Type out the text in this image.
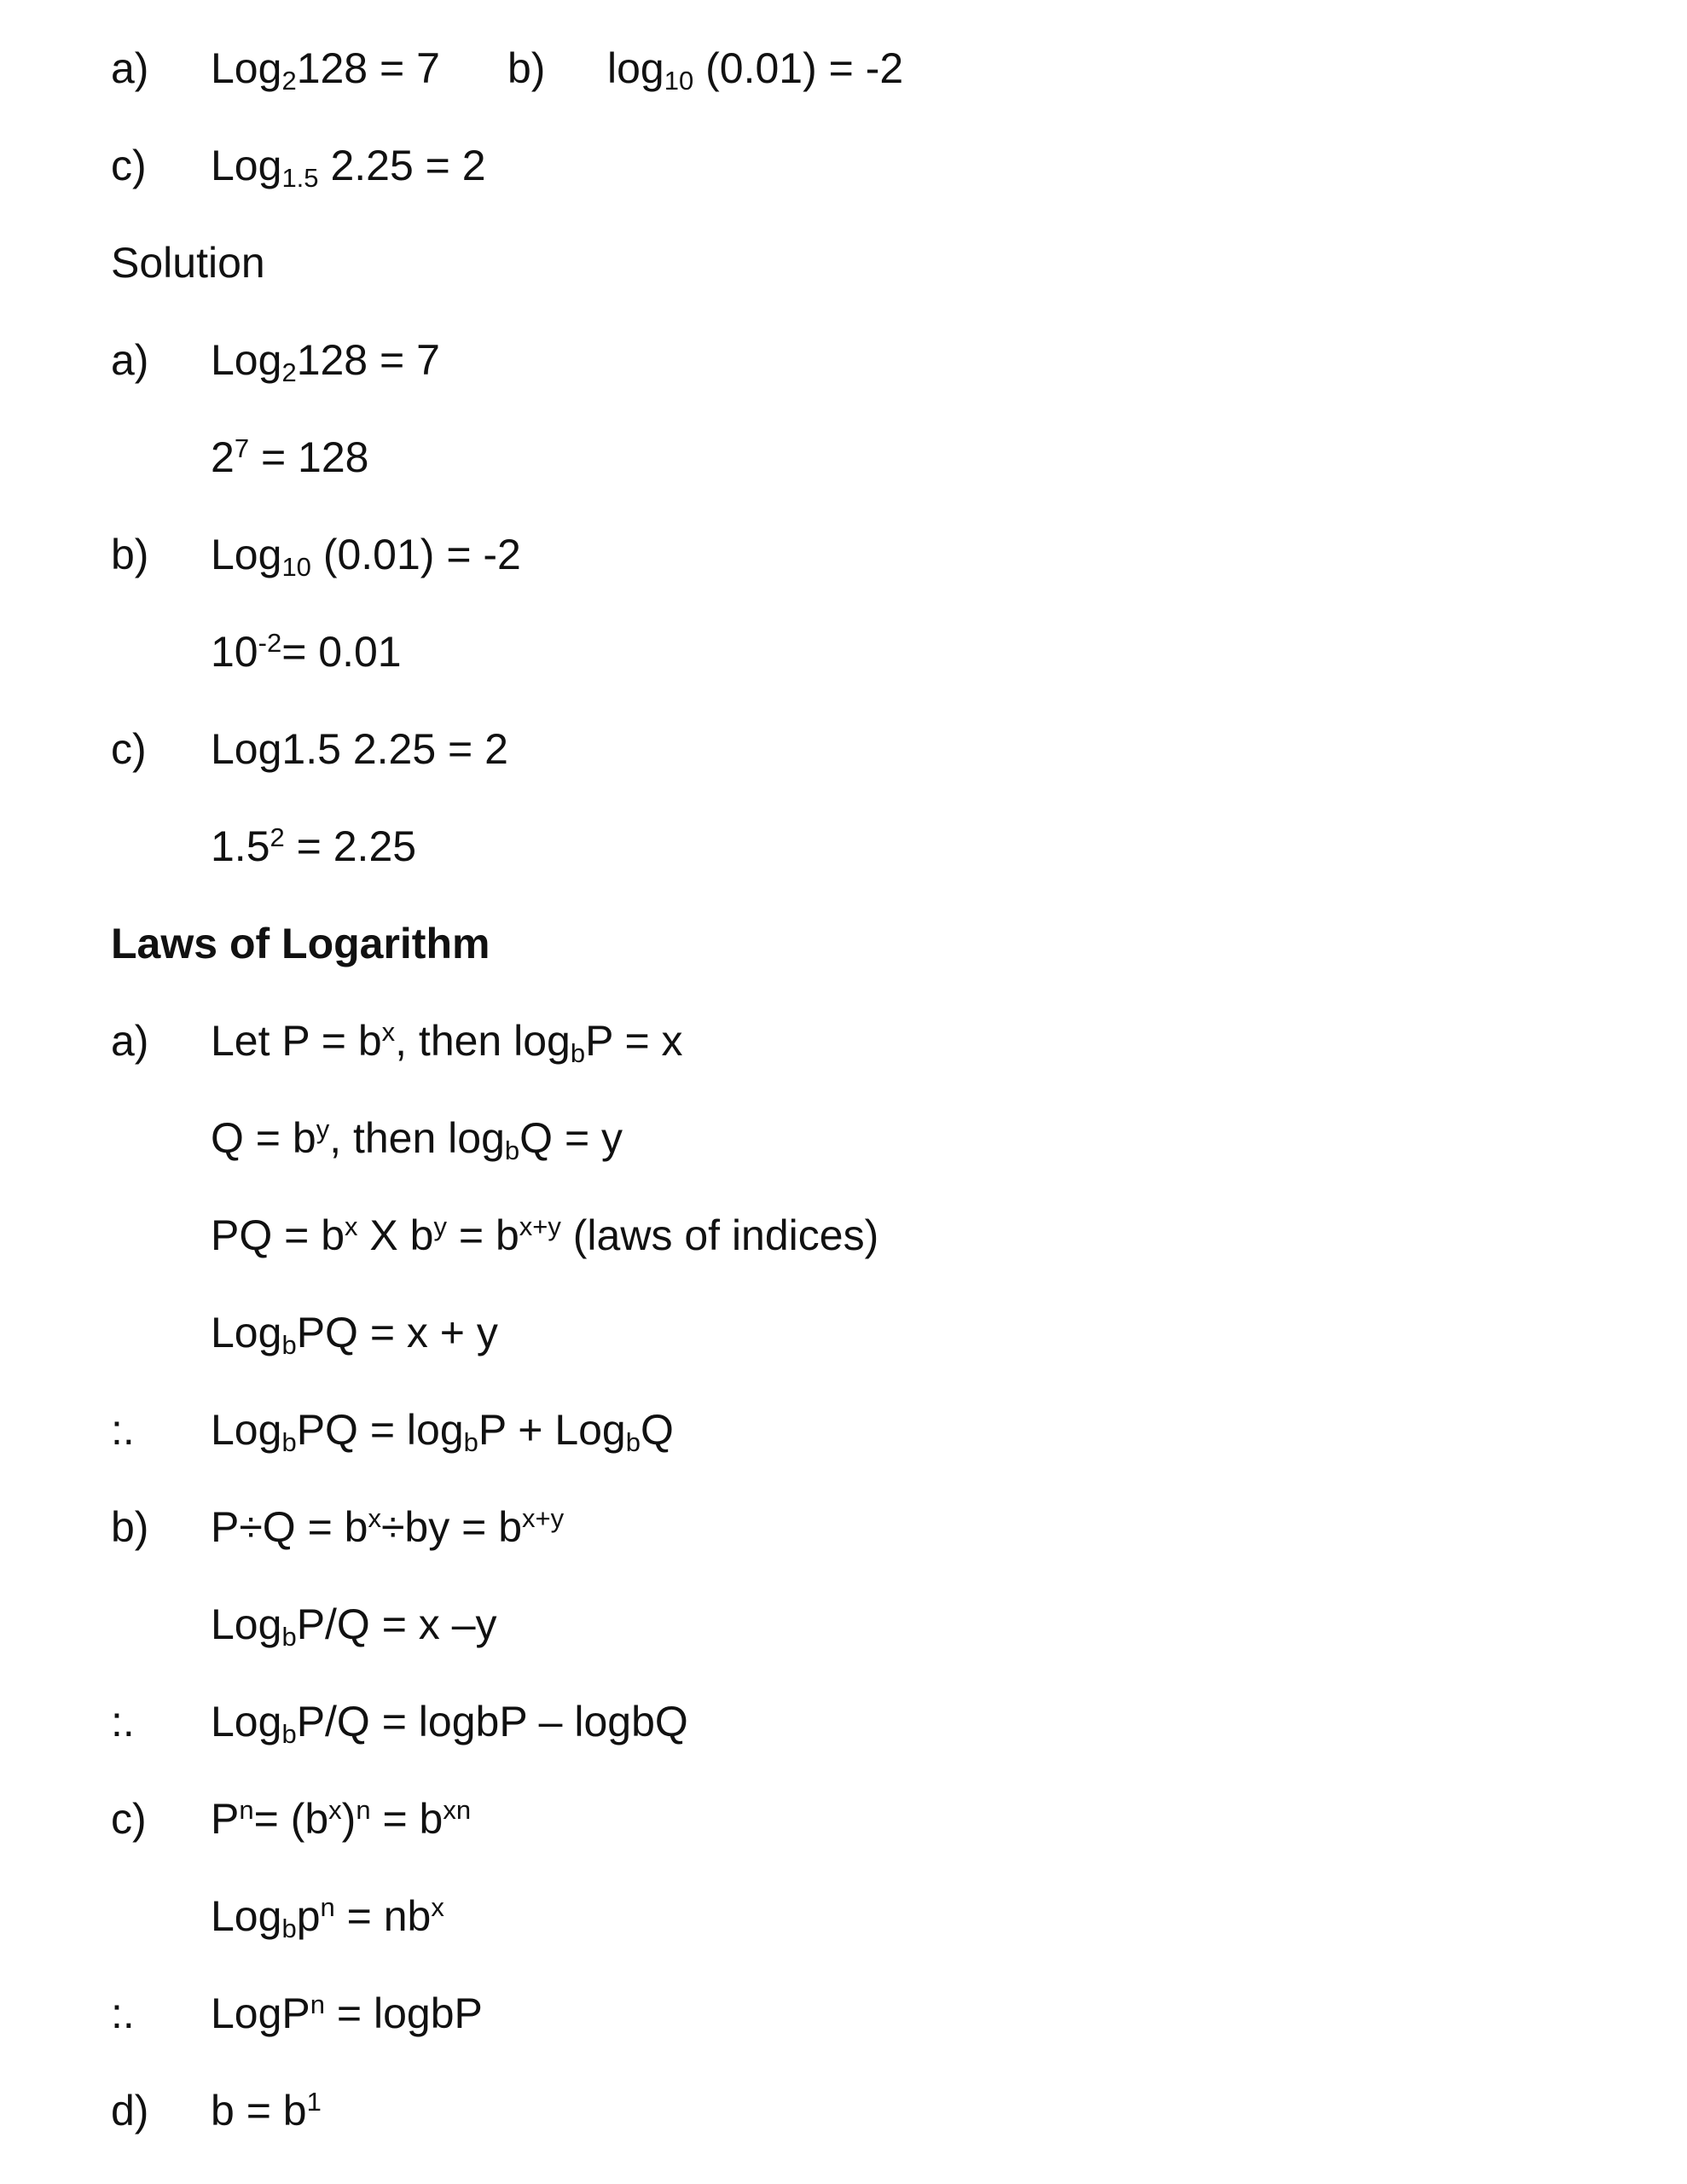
a) Log$_2$128 = 7 b) $\log_{10} (0.01) = -2$
c) Log$_{1.5}$ 2.25 = 2
Solution
a) Log$_2$128 = 7
$2^7 = 128$
b) Log$_{10}$ (0.01) = -2
$10^{-2}= 0.01$
c) Log1.5 2.25 = 2
$1.5^2 = 2.25$
Laws of Logarithm
a) Let $P = b^x$, then $\log_bP = x$
$Q = b^y$, then $\log_bQ = y$
PQ = $b^x$ X $b^y = b^{x+y}$ (laws of indices)
Log$_b$PQ = x + y
:. $Log_bPQ = \log_bP + Log_bQ$
b) $P\div Q = b^x\div by = b^{x+y}$
Log$_b$P/Q = x –y
:. Log$_b$P/Q = logbP – logbQ
c) $P^n= (b^x)^n = b^{xn}$
$Log_bp^n = nb^x$
:. LogP$^n$ = logbP
d) $b = b^1$
